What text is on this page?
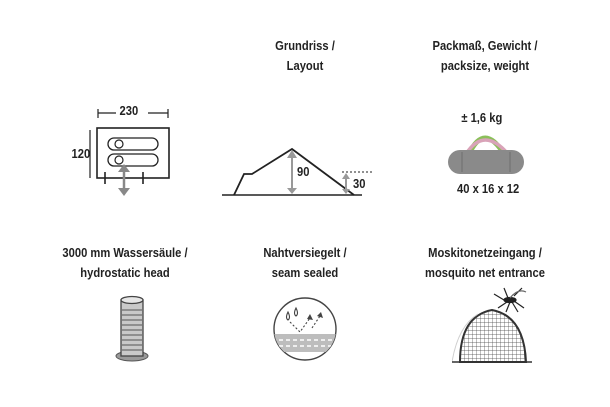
Grundriss /
Layout
Packmaß, Gewicht /
packsize, weight
230
120
90
30
± 1,6 kg
40 x 16 x 12
3000 mm Wassersäule /
hydrostatic head
Nahtversiegelt /
seam sealed
Moskitonetzeingang /
mosquito net entrance
